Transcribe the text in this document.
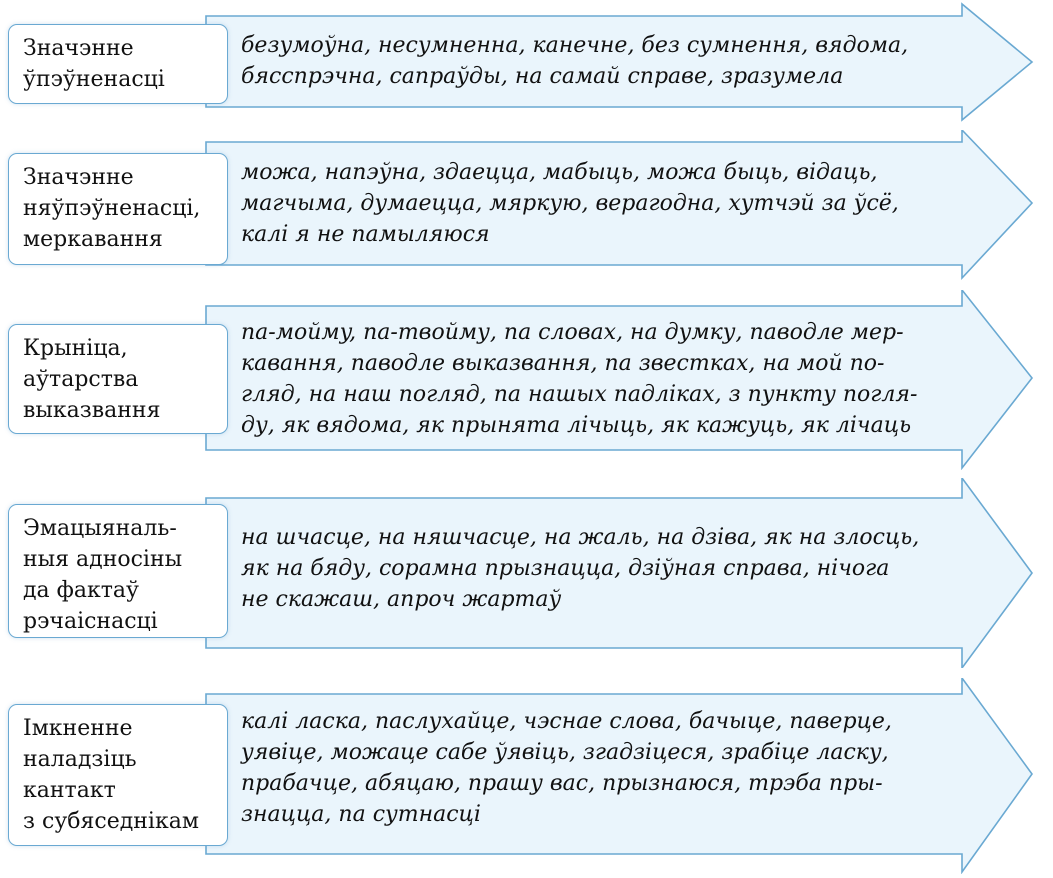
Значэнне
ўпэўненасці
безумоўна, несумненна, канечне, без сумнення, вядома,
бясспрэчна, сапраўды, на самай справе, зразумела
Значэнне
няўпэўненасці,
меркавання
можа, напэўна, здаецца, мабыць, можа быць, відаць,
магчыма, думаецца, мяркую, верагодна, хутчэй за ўсё,
калі я не памыляюся
Крыніца,
аўтарства
выказвання
па-моймy, па-твойму, па словах, на думку, паводле мер-
кавання, паводле выказвання, па звестках, на мой по-
гляд, на наш погляд, па нашых падліках, з пункту погля-
ду, як вядома, як прынята лічыць, як кажуць, як лічаць
Эмацыяналь-
ныя адносіны
да фактаў
рэчаіснасці
на шчасце, на няшчасце, на жаль, на дзіва, як на злосць,
як на бяду, сорамна прызнацца, дзіўная справа, нічога
не скажаш, апроч жартаў
Імкненне
наладзіць
кантакт
з субяседнікам
калі ласка, паслухайце, чэснае слова, бачыце, паверце,
уявіце, можаце сабе ўявіць, згадзіцеся, зрабіце ласку,
прабачце, абяцаю, прашу вас, прызнаюся, трэба пры-
знацца, па сутнасці
